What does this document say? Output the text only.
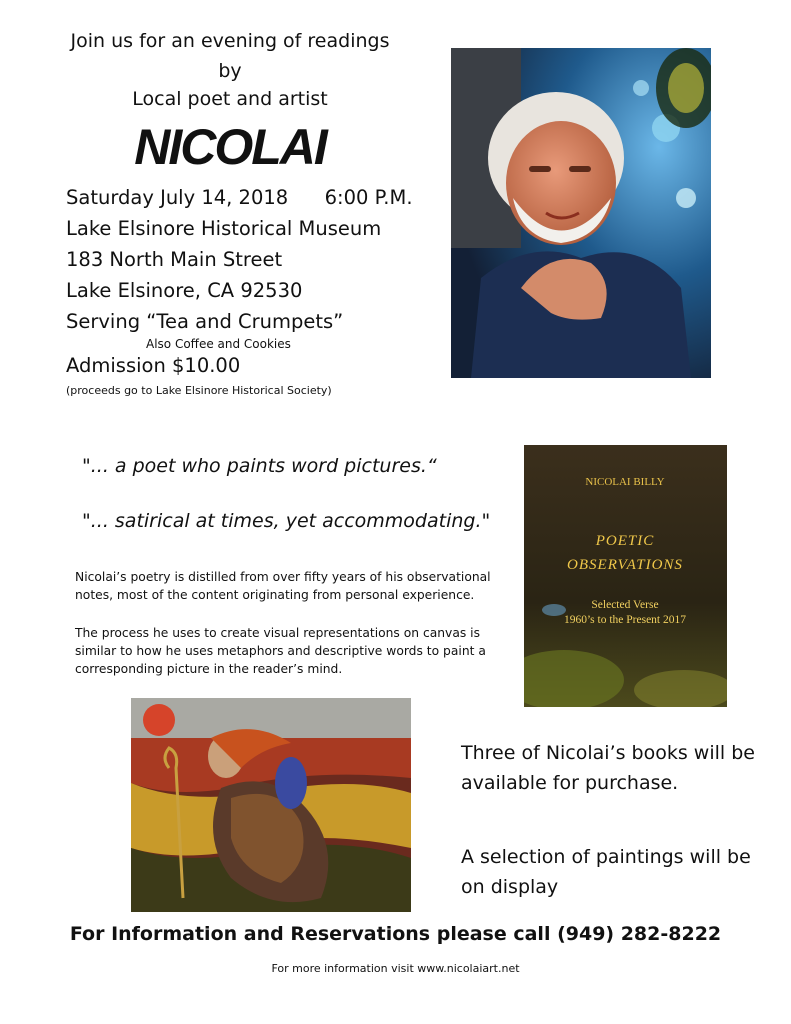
Join us for an evening of readings
by
Local poet and artist
NICOLAI
Saturday July 14, 2018 6:00 P.M.
Lake Elsinore Historical Museum
183 North Main Street
Lake Elsinore, CA 92530
Serving “Tea and Crumpets”
Also Coffee and Cookies
Admission $10.00
(proceeds go to Lake Elsinore Historical Society)
"... a poet who paints word pictures.“
"... satirical at times, yet accommodating."
Nicolai’s poetry is distilled from over fifty years of his observational notes, most of the content originating from personal experience.
The process he uses to create visual representations on canvas is similar to how he uses metaphors and descriptive words to paint a corresponding picture in the reader’s mind.
NICOLAI BILLY
POETIC
OBSERVATIONS
Selected Verse
1960’s to the Present 2017
Three of Nicolai’s books will be available for purchase.
A selection of paintings will be on display
For Information and Reservations please call (949) 282-8222
For more information visit www.nicolaiart.net
